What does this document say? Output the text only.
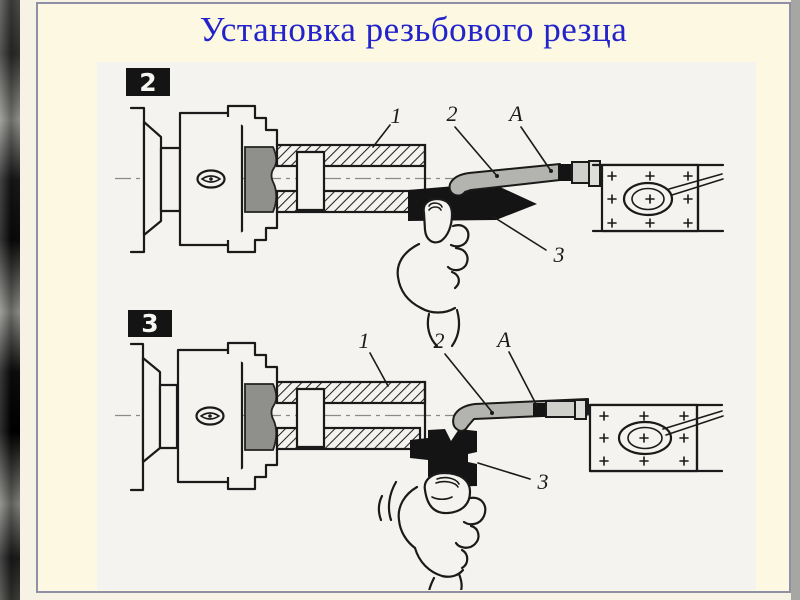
Установка резьбового резца
1 2 A
3
2
1	2 A
3
3
